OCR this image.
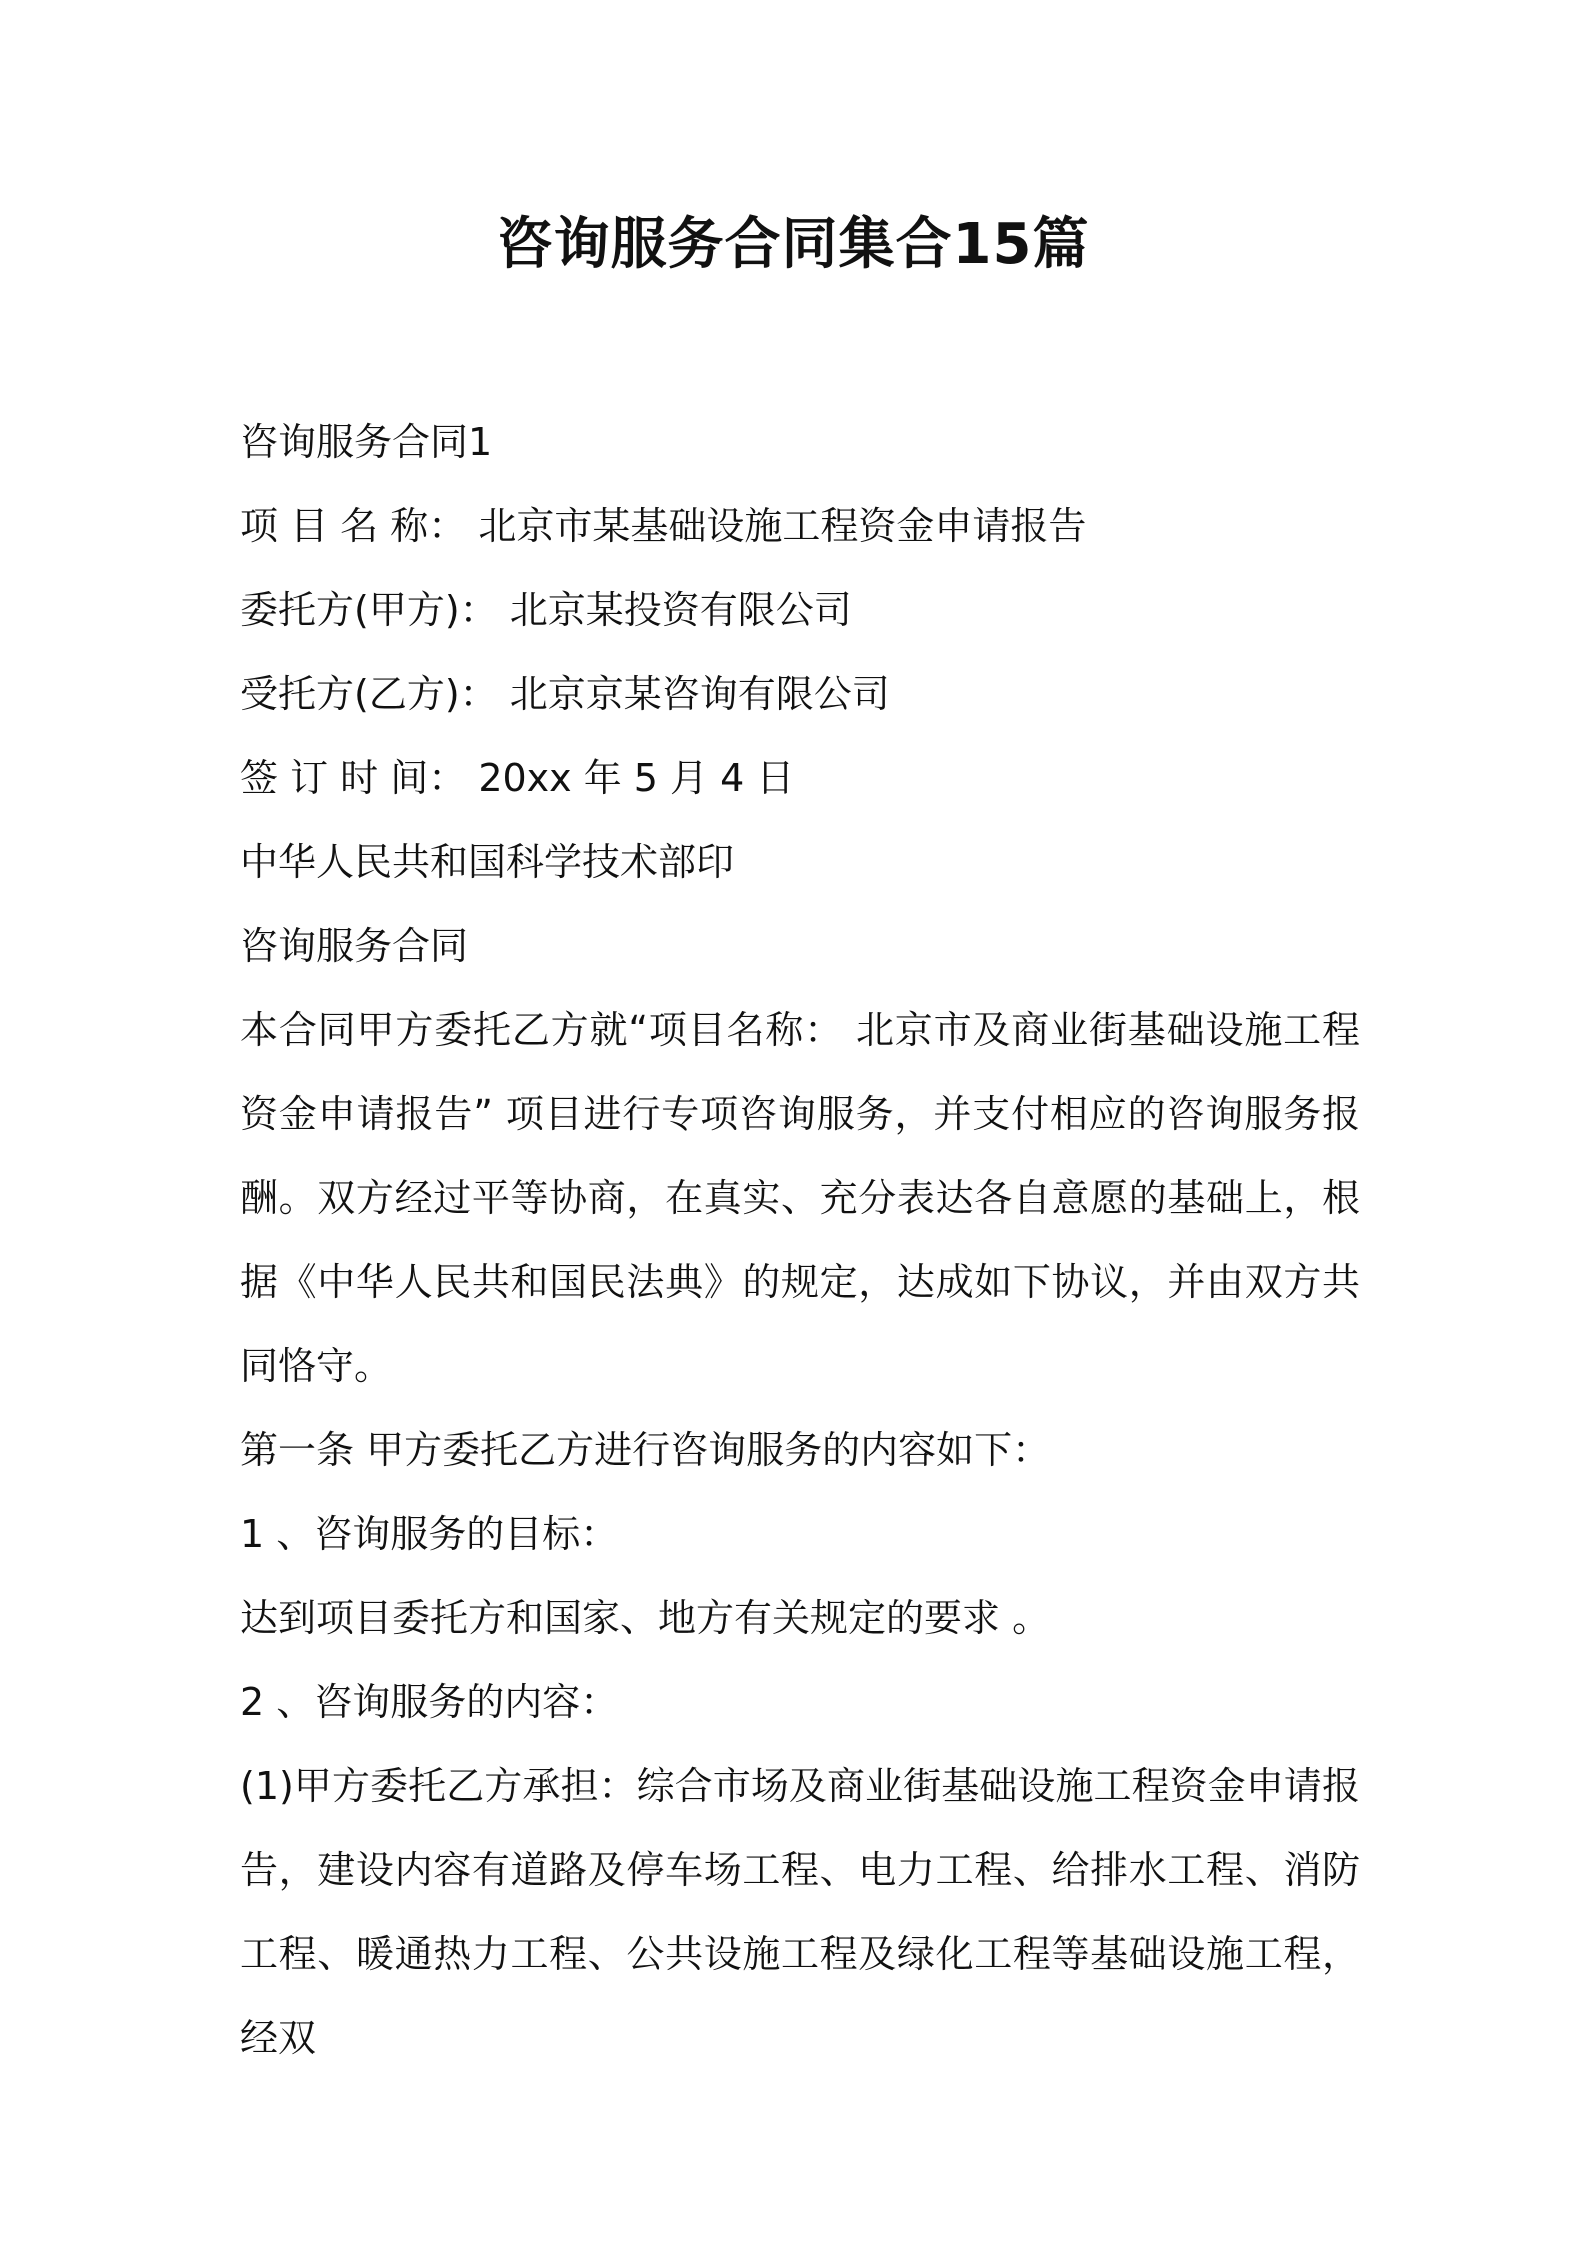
咨询服务合同集合15篇
咨询服务合同1
项 目 名 称： 北京市某基础设施工程资金申请报告
委托方(甲方)： 北京某投资有限公司
受托方(乙方)： 北京京某咨询有限公司
签 订 时 间： 20xx 年 5 月 4 日
中华人民共和国科学技术部印
咨询服务合同
本合同甲方委托乙方就“项目名称： 北京市及商业街基础设施工程资金申请报告” 项目进行专项咨询服务，并支付相应的咨询服务报酬。双方经过平等协商，在真实、充分表达各自意愿的基础上，根据《中华人民共和国民法典》的规定，达成如下协议，并由双方共同恪守。
第一条 甲方委托乙方进行咨询服务的内容如下：
1 、咨询服务的目标：
达到项目委托方和国家、地方有关规定的要求 。
2 、咨询服务的内容：
(1)甲方委托乙方承担：综合市场及商业街基础设施工程资金申请报告，建设内容有道路及停车场工程、电力工程、给排水工程、消防工程、暖通热力工程、公共设施工程及绿化工程等基础设施工程，经双
